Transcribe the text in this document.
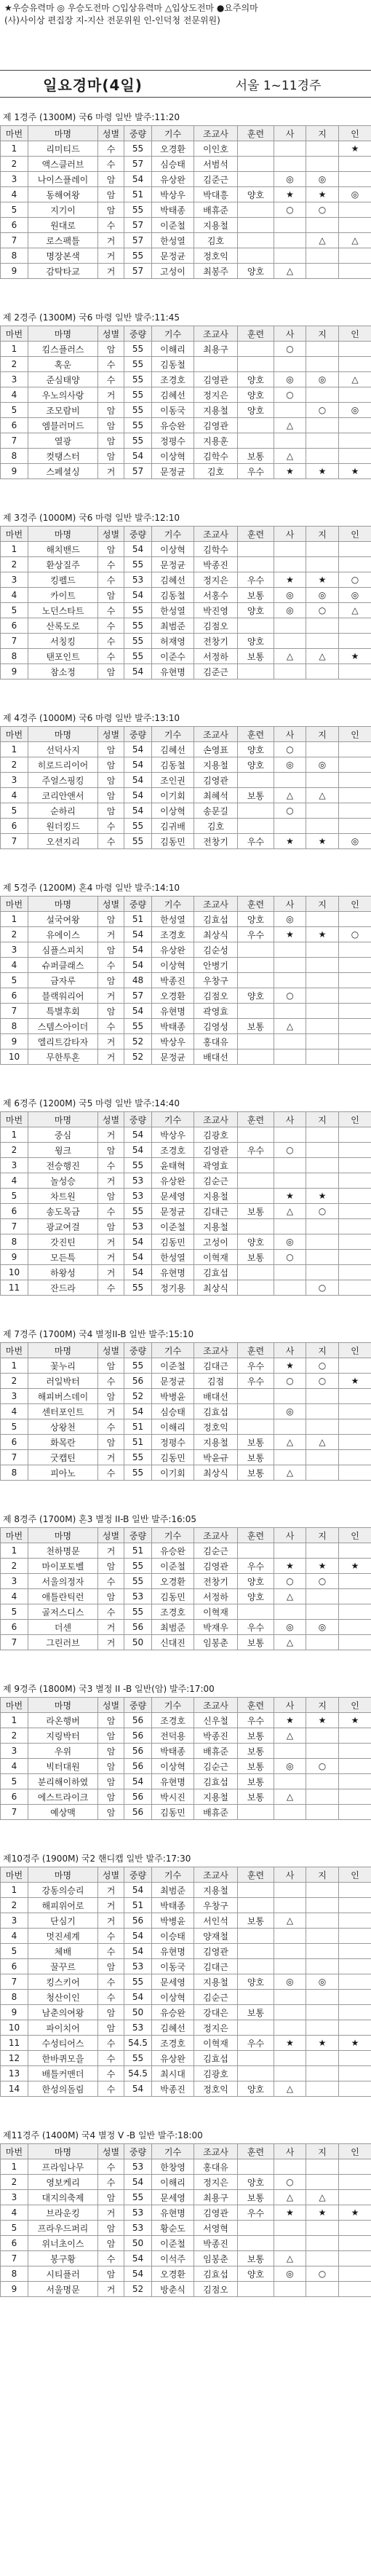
★우승유력마 ◎ 우승도전마 ○입상유력마 △입상도전마 ●요주의마
(사)사이상 편집장 지-지산 전문위원 인-인덕청 전문위원)
일요경마(4일)	서울 1~11경주
제 1경주 (1300M) 국6 마령 일반 발주:11:20
마번	마명	성별	중량	기수	조교사	훈련	사	지	인
1	리미티드	수	55	오경환	이인호				★
2	액스클러브	수	57	심승태	서범석				
3	나이스플레이	암	54	유상완	김준근		◎	◎	
4	동해여왕	암	51	박상우	박대흥	양호	★	★	◎
5	지기이	암	55	박태종	배휴준		○	○	
6	원대로	수	57	이준철	지용철				
7	로스팩틀	거	57	한성열	김호			△	△
8	명장본색	거	55	문정균	정호익				
9	감탁타교	거	57	고성이	최봉주	양호	△		
제 2경주 (1300M) 국6 마령 일반 발주:11:45
마번	마명	성별	중량	기수	조교사	훈련	사	지	인
1	킴스플러스	암	55	이해리	최용구		○		
2	혹운	수	55	김동철					
3	준심태양	수	55	조경호	김영관	양호	◎	◎	△
4	우노의사랑	거	55	김혜선	정지은	양호	○		
5	조모람비	암	55	이동국	지용철	양호		○	◎
6	엠블러머드	암	55	유승완	김영관		△		
7	열광	암	55	정평수	지용훈				
8	컷탱스터	암	54	이상혁	김학수	보통	△		
9	스페셜싱	거	57	문정균	김호	우수	★	★	★
제 3경주 (1000M) 국6 마령 일반 발주:12:10
마번	마명	성별	중량	기수	조교사	훈련	사	지	인
1	해치밴드	암	54	이상혁	김학수				
2	환상질주	수	55	문정균	박종진				
3	킹펠드	수	53	김혜선	정지은	우수	★	★	○
4	카이트	암	54	김동철	서홍수	보통	◎	◎	◎
5	노던스타트	수	55	한성열	박진영	양호	◎	○	△
6	산록도로	수	55	최범준	김점오				
7	서칭킹	수	55	허재영	전창기	양호			
8	탠포인트	수	55	이준수	서정하	보통	△	△	★
9	참소정	암	54	유현명	김준근				
제 4경주 (1000M) 국6 마령 일반 발주:13:10
마번	마명	성별	중량	기수	조교사	훈련	사	지	인
1	선덕사지	암	54	김혜선	손영표	양호	○		
2	히로드리이어	암	54	김동철	지용철	양호	◎	◎	
3	주얼스핑킹	암	54	조인권	김영관				
4	코리안앤서	암	54	이기회	최혜석	보통	△	△	
5	순하리	암	54	이상혁	송문길		○		
6	원더킹드	수	55	김귀배	김호				
7	오션지리	수	55	김동민	전창기	우수	★	★	◎
제 5경주 (1200M) 혼4 마령 일반 발주:14:10
마번	마명	성별	중량	기수	조교사	훈련	사	지	인
1	설국여왕	암	51	한성열	김효섭	양호	◎		
2	유에이스	거	54	조경호	최상식	우수	★	★	○
3	심플스피치	암	54	유상완	김순성				
4	슈퍼클래스	수	54	이상혁	안병기				
5	금자루	암	48	박종진	우창구				
6	블랙워리어	거	57	오경환	김점오	양호	○		
7	특별후회	암	54	유현명	곽영효				
8	스템스아이더	수	55	박태종	김영성	보통	△		
9	엘리트감타자	거	52	박상우	홍대유				
10	무한투혼	거	52	문정균	배대선				
제 6경주 (1200M) 국5 마령 일반 발주:14:40
마번	마명	성별	중량	기수	조교사	훈련	사	지	인
1	중심	거	54	박상우	김광호				
2	윙크	암	54	조경호	김영관	우수	○		
3	전승행진	수	55	윤태혁	곽영효				
4	놀성승	거	53	유상완	김순근				
5	차트원	암	53	문세영	지용철		★	★	
6	송도목금	수	55	문정균	김대근	보통	△	○	
7	광교여걸	암	53	이준철	지용철				
8	갓진틴	거	54	김동민	고성이	양호	◎		
9	모든특	거	54	한성열	이혁재	보통	○		
10	하왕성	거	54	유현명	김효섭				
11	잔드라	수	55	정기용	최상식			○	
제 7경주 (1700M) 국4 별정II-B 일반 발주:15:10
마번	마명	성별	중량	기수	조교사	훈련	사	지	인
1	꽃누리	암	55	이준철	김대근	우수	★	○	
2	러일박터	수	56	문정균	김점	우수	○	○	★
3	해피버스데이	암	52	박병윤	배대선				
4	센터포인트	거	54	심승태	김효섭		◎		
5	상왕천	수	51	이해리	정호익				
6	화목란	암	51	정평수	지용철	보통	△	△	
7	굿캡틴	거	55	김동민	박윤규	보통			
8	피아노	수	55	이기회	최상식	보통	△		
제 8경주 (1700M) 혼3 별정 II-B 일반 발주:16:05
마번	마명	성별	중량	기수	조교사	훈련	사	지	인
1	천하명문	거	51	유승완	김순근				
2	마이포토벨	암	55	이준철	김영관	우수	★	★	★
3	서울의정자	수	55	오경환	전창기	양호	○	○	
4	애틀란틱런	암	53	김동민	서정하	양호	△		
5	골저스디스	수	55	조경호	이혁재				
6	더센	거	56	최범준	박재우	우수	◎	◎	
7	그린러브	거	50	신대진	임봉춘	보통	△		
제 9경주 (1800M) 국3 별정 II -B 일반(암) 발주:17:00
마번	마명	성별	중량	기수	조교사	훈련	사	지	인
1	라온행버	암	56	조경호	신우철	우수	★	★	★
2	지링박터	암	56	전덕용	박종진	보통	△		
3	우위	암	56	박태종	배휴준	보통			
4	빅터대원	암	56	이상혁	김순근	보통	◎	○	
5	분리해이하였	암	54	유현명	김효섭	보통			
6	에스트라이크	암	56	박시진	지용철	보통	△		
7	예상맥	암	56	김동민	배휴준				
제10경주 (1900M) 국2 핸디캡 일반 발주:17:30
마번	마명	성별	중량	기수	조교사	훈련	사	지	인
1	강동의승리	거	54	최범준	지용철				
2	해피위어로	거	51	박태종	우창구				
3	단심기	거	56	박병윤	서인석	보통	△		
4	멋진세계	수	54	이승태	양재철				
5	체배	수	54	유현명	김영관				
6	꿀꾸르	암	53	이동국	김대근				
7	킹스키어	수	55	문세영	지용철	양호	◎	◎	
8	청산이인	수	54	이상혁	김순근				
9	남춘의여왕	암	50	유승완	강대은	보통			
10	파이치어	암	53	김혜선	정지은				
11	수성티어스	수	54.5	조경호	이혁재	우수	★	★	★
12	한바퀴모을	수	55	유상완	김효섭				
13	배틀커맨더	수	54.5	최시대	김광호				
14	한성의돌림	수	54	박종진	정호익	양호	△		
제11경주 (1400M) 국4 별정 V -B 일반 발주:18:00
마번	마명	성별	중량	기수	조교사	훈련	사	지	인
1	프라임나무	수	53	한창영	홍대유				
2	영보케리	수	54	이해리	정지은	양호	○		
3	대지의축제	암	55	문세영	최용구	보통	△	△	
4	브라운킹	거	53	유현명	김영관	우수	★	★	★
5	프라우드퍼리	암	53	황순도	서영혁				
6	위너초이스	암	50	이준철	박종진				
7	봉구황	수	54	이석주	임봉춘	보통	△		
8	시티플러	암	54	오경환	김효섭	양호	◎	○	
9	서울명문	거	52	방춘식	김점오				
